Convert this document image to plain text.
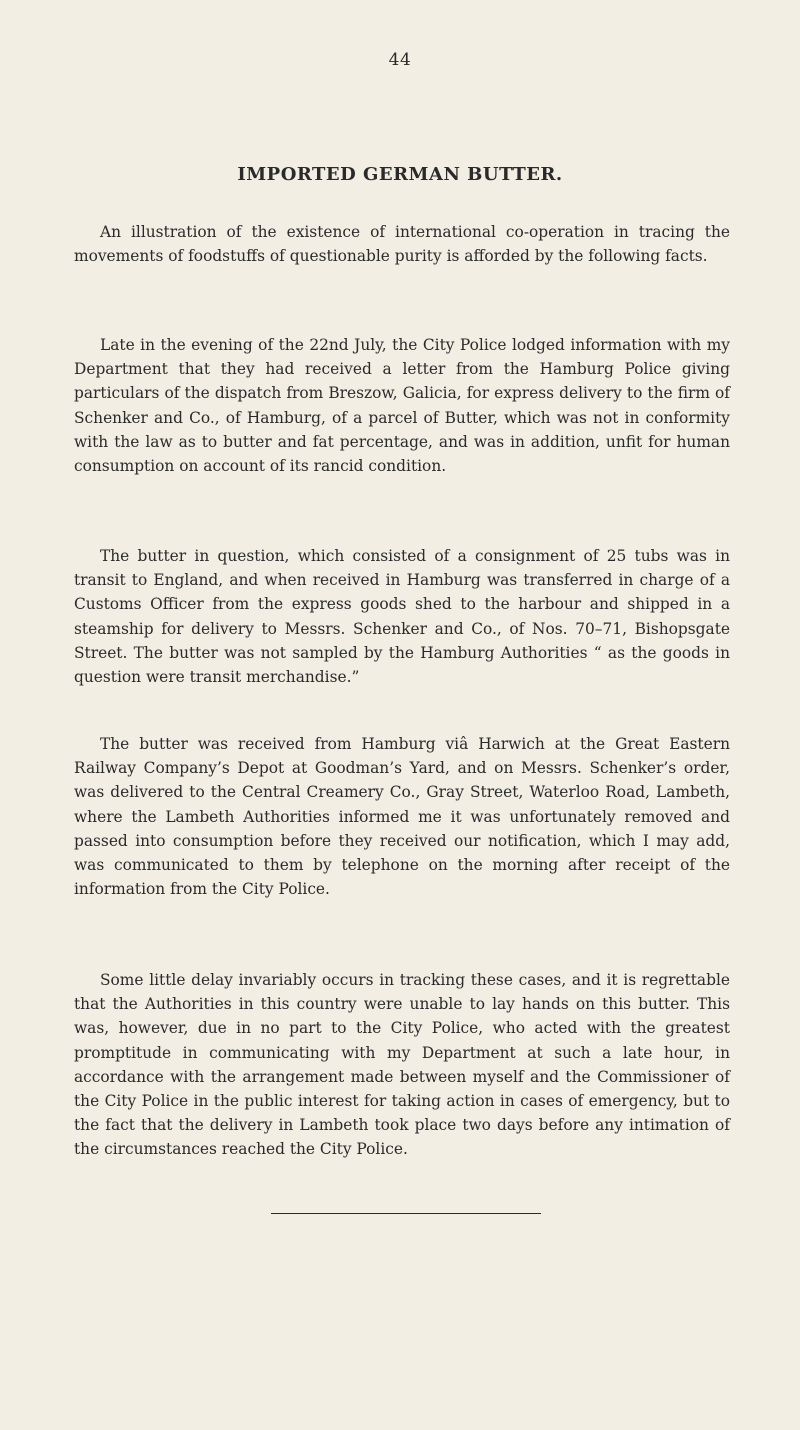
44
IMPORTED GERMAN BUTTER.

An illustration of the existence of international co-operation in tracing the movements of foodstuffs of questionable purity is afforded by the following facts.

Late in the evening of the 22nd July, the City Police lodged information with my Department that they had received a letter from the Hamburg Police giving particulars of the dispatch from Breszow, Galicia, for express delivery to the firm of Schenker and Co., of Hamburg, of a parcel of Butter, which was not in conformity with the law as to butter and fat percentage, and was in addition, unfit for human consumption on account of its rancid condition.

The butter in question, which consisted of a consignment of 25 tubs was in transit to England, and when received in Hamburg was transferred in charge of a Customs Officer from the express goods shed to the harbour and shipped in a steamship for delivery to Messrs. Schenker and Co., of Nos. 70–71, Bishopsgate Street. The butter was not sampled by the Hamburg Authorities “ as the goods in question were transit merchandise.”

The butter was received from Hamburg viâ Harwich at the Great Eastern Railway Company’s Depot at Goodman’s Yard, and on Messrs. Schenker’s order, was delivered to the Central Creamery Co., Gray Street, Waterloo Road, Lambeth, where the Lambeth Authorities informed me it was unfortunately removed and passed into consumption before they received our notification, which I may add, was communicated to them by telephone on the morning after receipt of the information from the City Police.

Some little delay invariably occurs in tracking these cases, and it is regrettable that the Authorities in this country were unable to lay hands on this butter. This was, however, due in no part to the City Police, who acted with the greatest promptitude in communicating with my Department at such a late hour, in accordance with the arrangement made between myself and the Commissioner of the City Police in the public interest for taking action in cases of emergency, but to the fact that the delivery in Lambeth took place two days before any intimation of the circumstances reached the City Police.
